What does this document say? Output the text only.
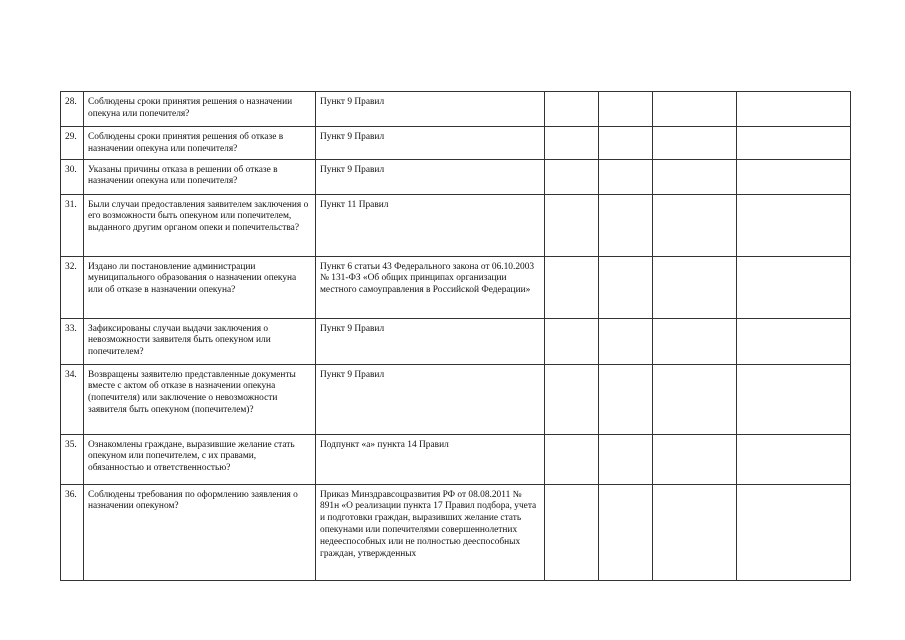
28.	Соблюдены сроки принятия решения о назначении опекуна или попечителя?	Пункт 9 Правил				
29.	Соблюдены сроки принятия решения об отказе в назначении опекуна или попечителя?	Пункт 9 Правил				
30.	Указаны причины отказа в решении об отказе в назначении опекуна или попечителя?	Пункт 9 Правил				
31.	Были случаи предоставления заявителем заключения о его возможности быть опекуном или попечителем, выданного другим органом опеки и попечительства?	Пункт 11 Правил				
32.	Издано ли постановление администрации муниципального образования о назначении опекуна или об отказе в назначении опекуна?	Пункт 6 статьи 43 Федерального закона от 06.10.2003 № 131-ФЗ «Об общих принципах организации местного самоуправления в Российской Федерации»				
33.	Зафиксированы случаи выдачи заключения о невозможности заявителя быть опекуном или попечителем?	Пункт 9 Правил				
34.	Возвращены заявителю представленные документы вместе с актом об отказе в назначении опекуна (попечителя) или заключение о невозможности заявителя быть опекуном (попечителем)?	Пункт 9 Правил				
35.	Ознакомлены граждане, выразившие желание стать опекуном или попечителем, с их правами, обязанностью и ответственностью?	Подпункт «а» пункта 14 Правил				
36.	Соблюдены требования по оформлению заявления о назначении опекуном?	Приказ Минздравсоцразвития РФ от 08.08.2011 № 891н «О реализации пункта 17 Правил подбора, учета и подготовки граждан, выразивших желание стать опекунами или попечителями совершеннолетних недееспособных или не полностью дееспособных граждан, утвержденных				
